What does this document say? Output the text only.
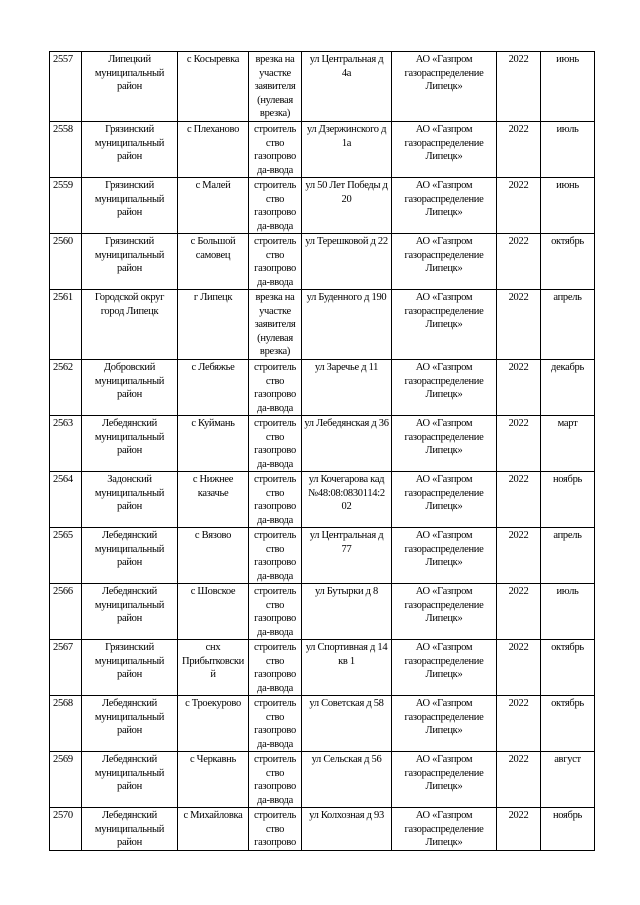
2557	Липецкий муниципальный район	с Косыревка	врезка на участке заявителя (нулевая врезка)	ул Центральная д 4а	АО «Газпром газораспределение Липецк»	2022	июнь
2558	Грязинский муниципальный район	с Плеханово	строитель ство газопрово да-ввода	ул Дзержинского д 1а	АО «Газпром газораспределение Липецк»	2022	июль
2559	Грязинский муниципальный район	с Малей	строитель ство газопрово да-ввода	ул 50 Лет Победы д 20	АО «Газпром газораспределение Липецк»	2022	июнь
2560	Грязинский муниципальный район	с Большой самовец	строитель ство газопрово да-ввода	ул Терешковой д 22	АО «Газпром газораспределение Липецк»	2022	октябрь
2561	Городской округ город Липецк	г Липецк	врезка на участке заявителя (нулевая врезка)	ул Буденного д 190	АО «Газпром газораспределение Липецк»	2022	апрель
2562	Добровский муниципальный район	с Лебяжье	строитель ство газопрово да-ввода	ул Заречье д 11	АО «Газпром газораспределение Липецк»	2022	декабрь
2563	Лебедянский муниципальный район	с Куймань	строитель ство газопрово да-ввода	ул Лебедянская д 36	АО «Газпром газораспределение Липецк»	2022	март
2564	Задонский муниципальный район	с Нижнее казачье	строитель ство газопрово да-ввода	ул Кочегарова кад №48:08:0830114:2 02	АО «Газпром газораспределение Липецк»	2022	ноябрь
2565	Лебедянский муниципальный район	с Вязово	строитель ство газопрово да-ввода	ул Центральная д 77	АО «Газпром газораспределение Липецк»	2022	апрель
2566	Лебедянский муниципальный район	с Шовское	строитель ство газопрово да-ввода	ул Бутырки д 8	АО «Газпром газораспределение Липецк»	2022	июль
2567	Грязинский муниципальный район	снх Прибытковский	строитель ство газопрово да-ввода	ул Спортивная д 14 кв 1	АО «Газпром газораспределение Липецк»	2022	октябрь
2568	Лебедянский муниципальный район	с Троекурово	строитель ство газопрово да-ввода	ул Советская д 58	АО «Газпром газораспределение Липецк»	2022	октябрь
2569	Лебедянский муниципальный район	с Черкавнь	строитель ство газопрово да-ввода	ул Сельская д 56	АО «Газпром газораспределение Липецк»	2022	август
2570	Лебедянский муниципальный район	с Михайловка	строитель ство газопрово	ул Колхозная д 93	АО «Газпром газораспределение Липецк»	2022	ноябрь
